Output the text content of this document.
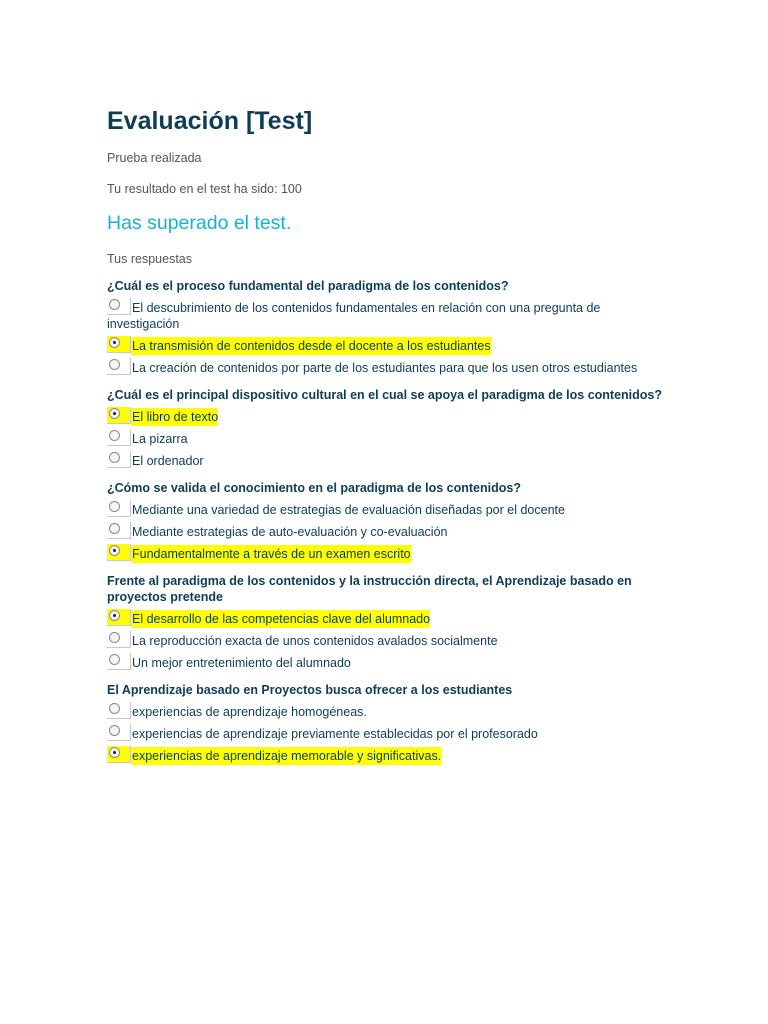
Evaluación [Test]
Prueba realizada
Tu resultado en el test ha sido: 100
Has superado el test.
Tus respuestas
¿Cuál es el proceso fundamental del paradigma de los contenidos?
El descubrimiento de los contenidos fundamentales en relación con una pregunta de investigación
La transmisión de contenidos desde el docente a los estudiantes
La creación de contenidos por parte de los estudiantes para que los usen otros estudiantes
¿Cuál es el principal dispositivo cultural en el cual se apoya el paradigma de los contenidos?
El libro de texto
La pizarra
El ordenador
¿Cómo se valida el conocimiento en el paradigma de los contenidos?
Mediante una variedad de estrategias de evaluación diseñadas por el docente
Mediante estrategias de auto-evaluación y co-evaluación
Fundamentalmente a través de un examen escrito
Frente al paradigma de los contenidos y la instrucción directa, el Aprendizaje basado en proyectos pretende
El desarrollo de las competencias clave del alumnado
La reproducción exacta de unos contenidos avalados socialmente
Un mejor entretenimiento del alumnado
El Aprendizaje basado en Proyectos busca ofrecer a los estudiantes
experiencias de aprendizaje homogéneas.
experiencias de aprendizaje previamente establecidas por el profesorado
experiencias de aprendizaje memorable y significativas.
